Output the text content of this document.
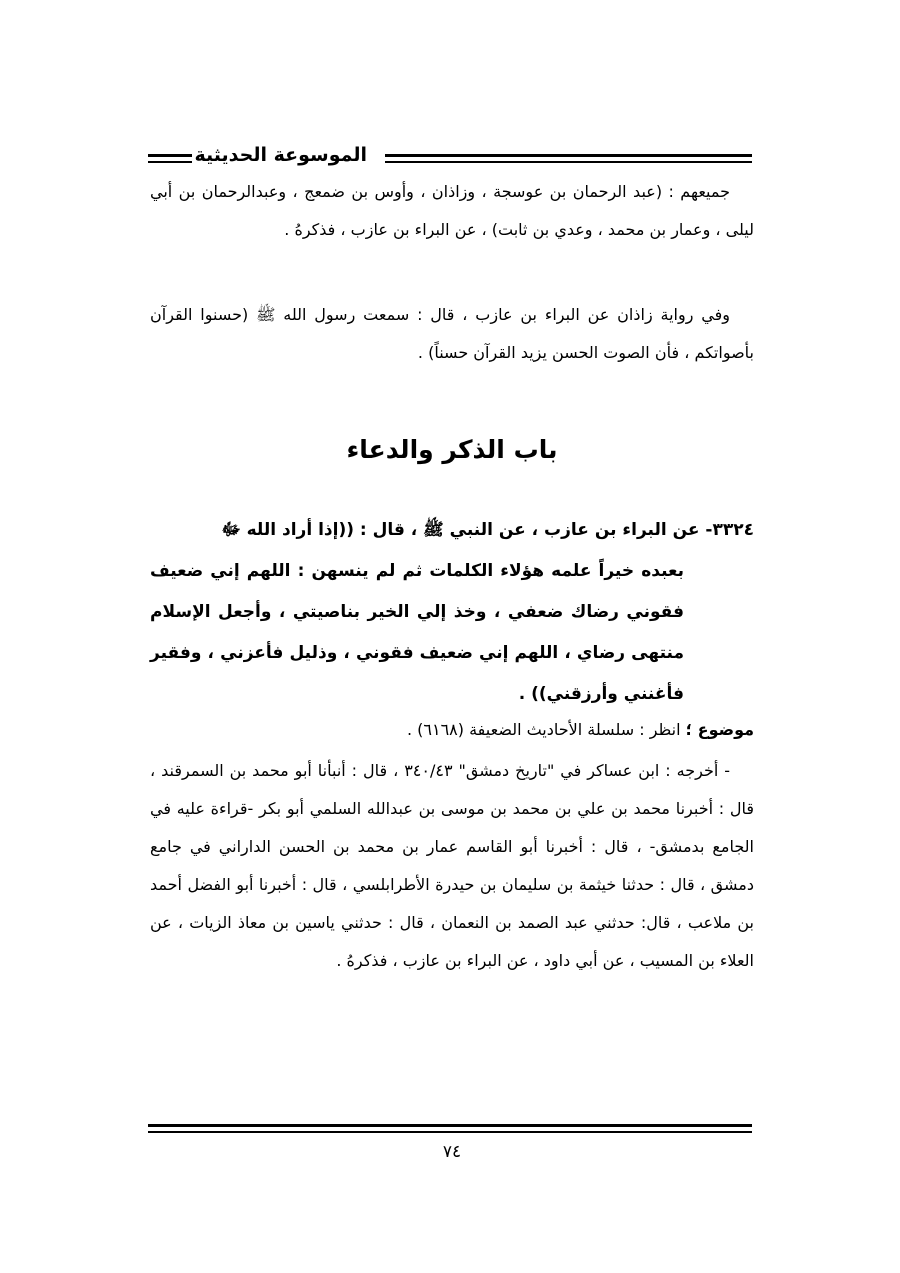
الموسوعة الحديثية

جميعهم : (عبد الرحمان بن عوسجة ، وزاذان ، وأوس بن ضمعج ، وعبدالرحمان بن أبي ليلى ، وعمار بن محمد ، وعدي بن ثابت) ، عن البراء بن عازب ، فذكرهُ .

وفي رواية زاذان عن البراء بن عازب ، قال : سمعت رسول الله ﷺ (حسنوا القرآن بأصواتكم ، فأن الصوت الحسن يزيد القرآن حسناً) .

باب الذكر والدعاء

٣٣٢٤- عن البراء بن عازب ، عن النبي ﷺ ، قال : ((إذا أراد الله ﷻ

بعبده خيراً علمه هؤلاء الكلمات ثم لم ينسهن : اللهم إني ضعيف فقوني رضاك ضعفي ، وخذ إلي الخير بناصيتي ، وأجعل الإسلام منتهى رضاي ، اللهم إني ضعيف فقوني ، وذليل فأعزني ، وفقير فأغنني وأرزقني)) .

موضوع ؛ انظر : سلسلة الأحاديث الضعيفة (٦١٦٨) .

- أخرجه : ابن عساكر في "تاريخ دمشق" ٣٤٠/٤٣ ، قال : أنبأنا أبو محمد بن السمرقند ، قال : أخبرنا محمد بن علي بن محمد بن موسى بن عبدالله السلمي أبو بكر -قراءة عليه في الجامع بدمشق- ، قال : أخبرنا أبو القاسم عمار بن محمد بن الحسن الداراني في جامع دمشق ، قال : حدثنا خيثمة بن سليمان بن حيدرة الأطرابلسي ، قال : أخبرنا أبو الفضل أحمد بن ملاعب ، قال: حدثني عبد الصمد بن النعمان ، قال : حدثني ياسين بن معاذ الزيات ، عن العلاء بن المسيب ، عن أبي داود ، عن البراء بن عازب ، فذكرهُ .

٧٤
